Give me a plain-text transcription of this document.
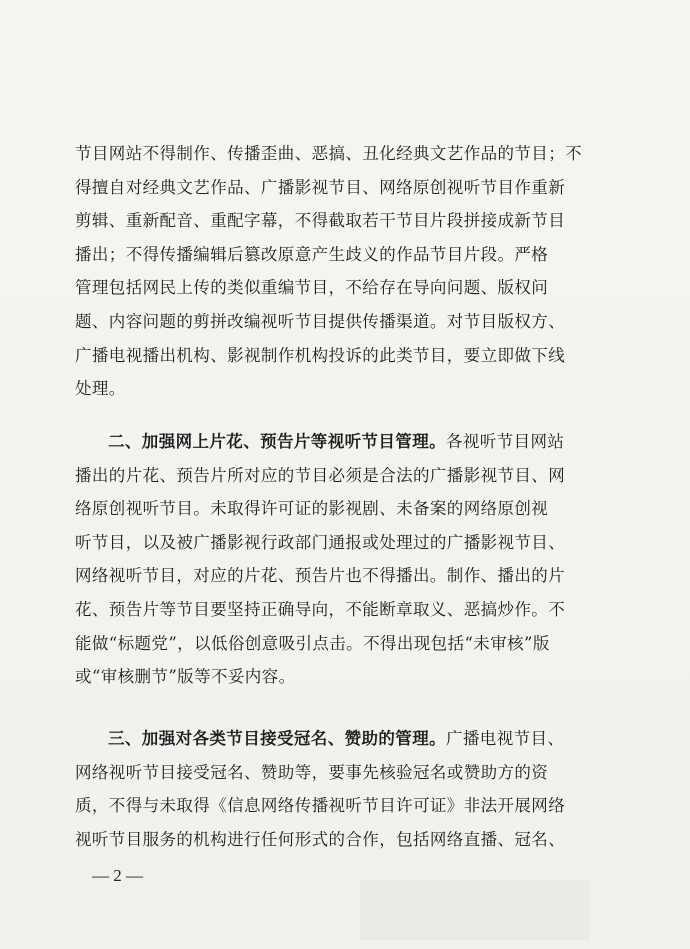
节目网站不得制作、传播歪曲、恶搞、丑化经典文艺作品的节目；不
得擅自对经典文艺作品、广播影视节目、网络原创视听节目作重新
剪辑、重新配音、重配字幕，不得截取若干节目片段拼接成新节目
播出；不得传播编辑后篡改原意产生歧义的作品节目片段。严格
管理包括网民上传的类似重编节目，不给存在导向问题、版权问
题、内容问题的剪拼改编视听节目提供传播渠道。对节目版权方、
广播电视播出机构、影视制作机构投诉的此类节目，要立即做下线
处理。
二、加强网上片花、预告片等视听节目管理。各视听节目网站
播出的片花、预告片所对应的节目必须是合法的广播影视节目、网
络原创视听节目。未取得许可证的影视剧、未备案的网络原创视
听节目，以及被广播影视行政部门通报或处理过的广播影视节目、
网络视听节目，对应的片花、预告片也不得播出。制作、播出的片
花、预告片等节目要坚持正确导向，不能断章取义、恶搞炒作。不
能做“标题党”，以低俗创意吸引点击。不得出现包括“未审核”版
或“审核删节”版等不妥内容。
三、加强对各类节目接受冠名、赞助的管理。广播电视节目、
网络视听节目接受冠名、赞助等，要事先核验冠名或赞助方的资
质，不得与未取得《信息网络传播视听节目许可证》非法开展网络
视听节目服务的机构进行任何形式的合作，包括网络直播、冠名、
— 2 —
